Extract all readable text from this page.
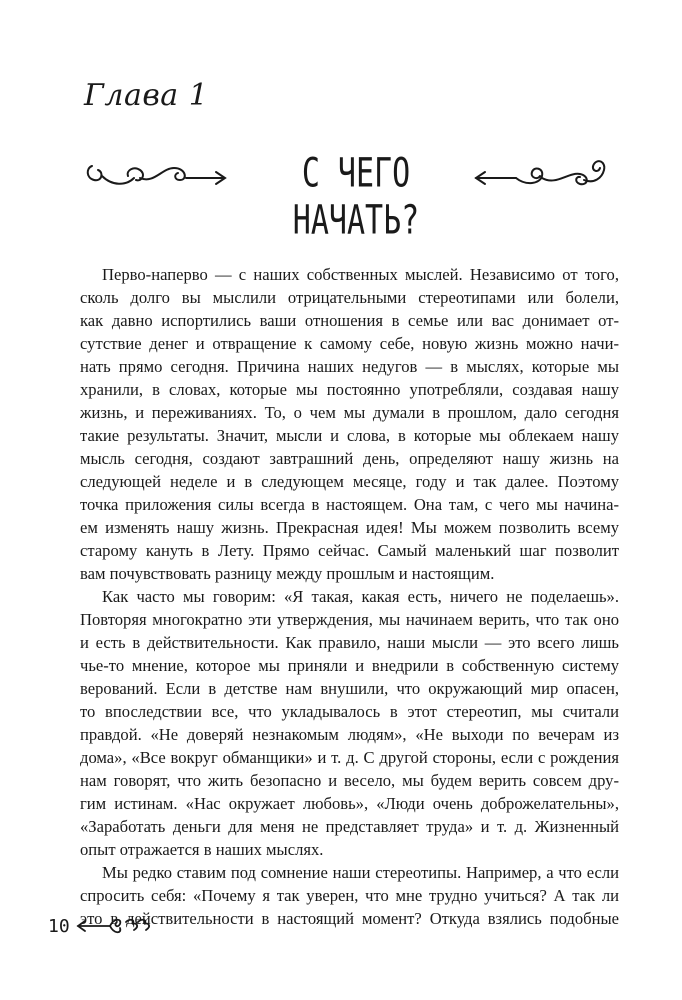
Глава 1
С ЧЕГО НАЧАТЬ?
Перво-наперво — с наших собственных мыслей. Независимо от того,
сколь долго вы мыслили отрицательными стереотипами или болели,
как давно испортились ваши отношения в семье или вас донимает от-
сутствие денег и отвращение к самому себе, новую жизнь можно начи-
нать прямо сегодня. Причина наших недугов — в мыслях, которые мы
хранили, в словах, которые мы постоянно употребляли, создавая нашу
жизнь, и переживаниях. То, о чем мы думали в прошлом, дало сегодня
такие результаты. Значит, мысли и слова, в которые мы облекаем нашу
мысль сегодня, создают завтрашний день, определяют нашу жизнь на
следующей неделе и в следующем месяце, году и так далее. Поэтому
точка приложения силы всегда в настоящем. Она там, с чего мы начина-
ем изменять нашу жизнь. Прекрасная идея! Мы можем позволить всему
старому кануть в Лету. Прямо сейчас. Самый маленький шаг позволит
вам почувствовать разницу между прошлым и настоящим.
Как часто мы говорим: «Я такая, какая есть, ничего не поделаешь».
Повторяя многократно эти утверждения, мы начинаем верить, что так оно
и есть в действительности. Как правило, наши мысли — это всего лишь
чье-то мнение, которое мы приняли и внедрили в собственную систему
верований. Если в детстве нам внушили, что окружающий мир опасен,
то впоследствии все, что укладывалось в этот стереотип, мы считали
правдой. «Не доверяй незнакомым людям», «Не выходи по вечерам из
дома», «Все вокруг обманщики» и т. д. С другой стороны, если с рождения
нам говорят, что жить безопасно и весело, мы будем верить совсем дру-
гим истинам. «Нас окружает любовь», «Люди очень доброжелательны»,
«Заработать деньги для меня не представляет труда» и т. д. Жизненный
опыт отражается в наших мыслях.
Мы редко ставим под сомнение наши стереотипы. Например, а что если
спросить себя: «Почему я так уверен, что мне трудно учиться? А так ли
это в действительности в настоящий момент? Откуда взялись подобные
10
